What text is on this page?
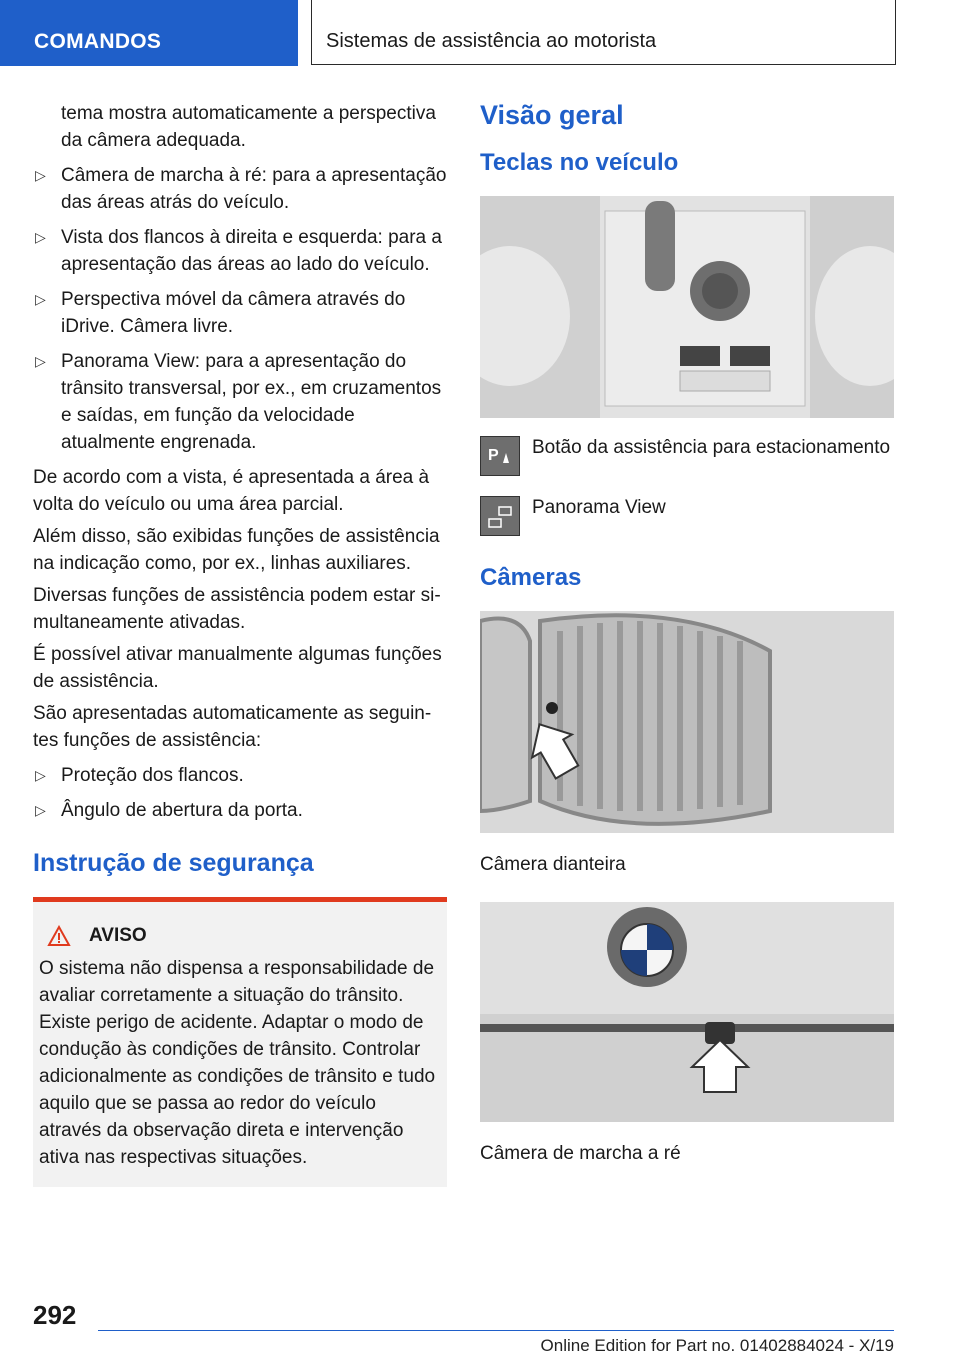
COMANDOS	Sistemas de assistência ao motorista
tema mostra automaticamente a perspectiva da câmera adequada.
▷ Câmera de marcha à ré: para a apresentação das áreas atrás do veículo.
▷ Vista dos flancos à direita e esquerda: para a apresentação das áreas ao lado do veículo.
▷ Perspectiva móvel da câmera através do iDrive. Câmera livre.
▷ Panorama View: para a apresentação do trânsito transversal, por ex., em cruzamentos e saídas, em função da velocidade atualmente engrenada.

De acordo com a vista, é apresentada a área à volta do veículo ou uma área parcial.

Além disso, são exibidas funções de assistência na indicação como, por ex., linhas auxiliares.

Diversas funções de assistência podem estar simultaneamente ativadas.

É possível ativar manualmente algumas funções de assistência.

São apresentadas automaticamente as seguintes funções de assistência:

▷ Proteção dos flancos.
▷ Ângulo de abertura da porta.
Instrução de segurança
AVISO
O sistema não dispensa a responsabilidade de avaliar corretamente a situação do trânsito. Existe perigo de acidente. Adaptar o modo de condução às condições de trânsito. Controlar adicionalmente as condições de trânsito e tudo aquilo que se passa ao redor do veículo através da observação direta e intervenção ativa nas respectivas situações.
Visão geral
Teclas no veículo
P Botão da assistência para estacionamento
Panorama View
Câmeras
Câmera dianteira
Câmera de marcha a ré
292
Online Edition for Part no. 01402884024 - X/19
